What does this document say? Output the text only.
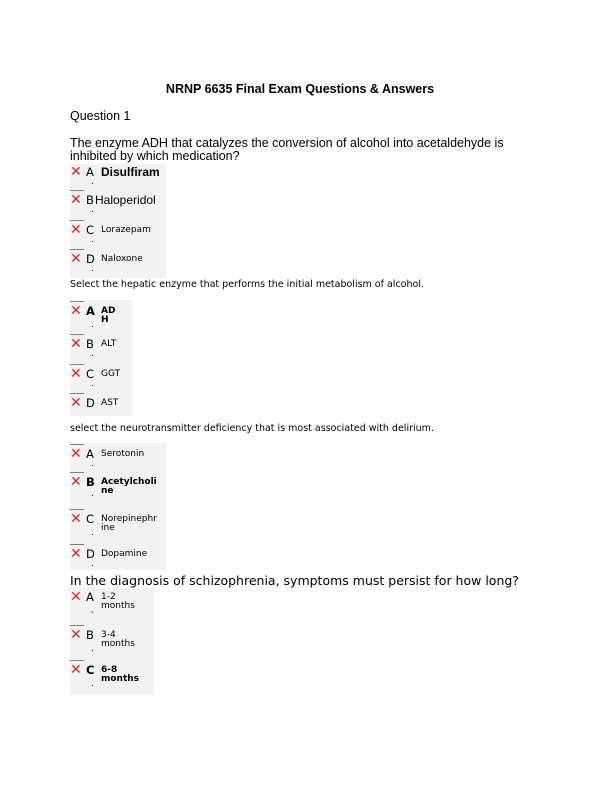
NRNP 6635 Final Exam Questions & Answers
Question 1
The enzyme ADH that catalyzes the conversion of alcohol into acetaldehyde is inhibited by which medication?
✕ A Disulfiram
.
✕ B Haloperidol
.
✕ C Lorazepam
.
✕ D Naloxone
.
Select the hepatic enzyme that performs the initial metabolism of alcohol.
✕ A AD H
.
✕ B ALT
.
✕ C GGT
.
✕ D AST
select the neurotransmitter deficiency that is most associated with delirium.
✕ A Serotonin
.
✕ B Acetylcholi ne
.
✕ C Norepinephr ine
.
✕ D Dopamine
.
In the diagnosis of schizophrenia, symptoms must persist for how long?
✕ A 1-2 months
.
✕ B 3-4 months
.
✕ C 6-8 months
.
